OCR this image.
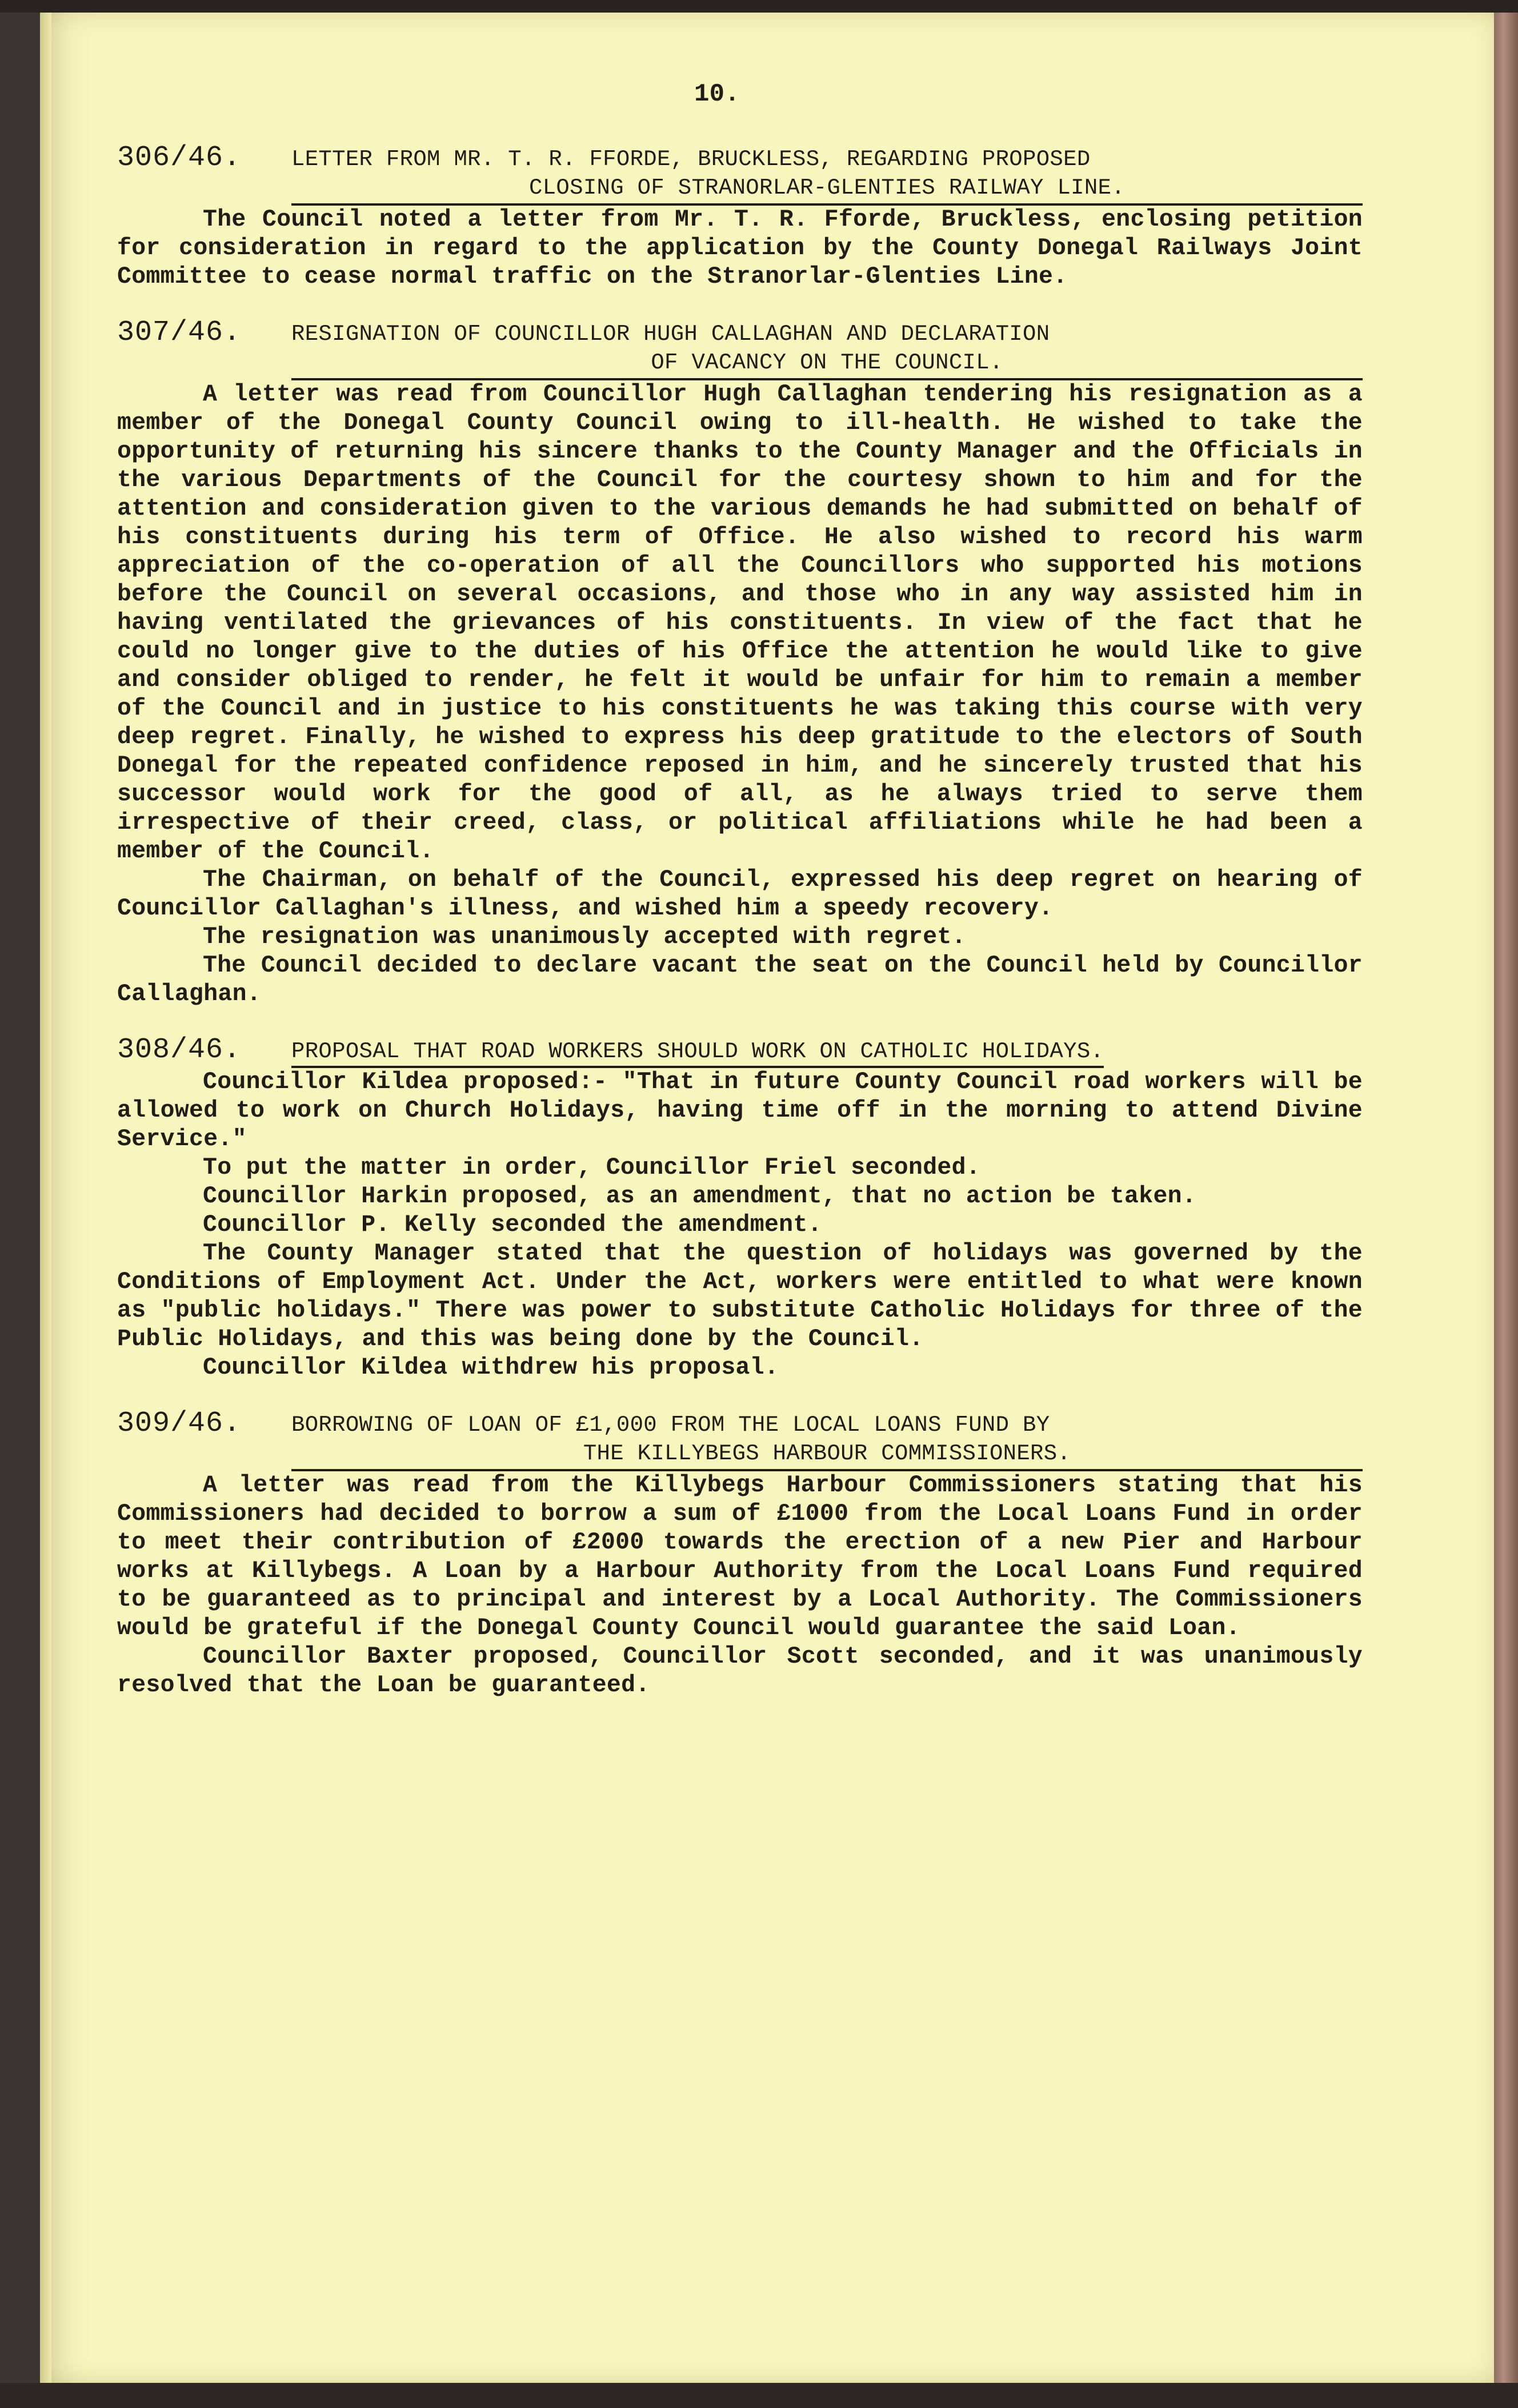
10.
306/46.	LETTER FROM MR. T. R. FFORDE, BRUCKLESS, REGARDING PROPOSED
CLOSING OF STRANORLAR-GLENTIES RAILWAY LINE.

The Council noted a letter from Mr. T. R. Fforde, Bruckless, enclosing petition for consideration in regard to the application by the County Donegal Railways Joint Committee to cease normal traffic on the Stranorlar-Glenties Line.

307/46.	RESIGNATION OF COUNCILLOR HUGH CALLAGHAN AND DECLARATION
OF VACANCY ON THE COUNCIL.

A letter was read from Councillor Hugh Callaghan tendering his resignation as a member of the Donegal County Council owing to ill-health. He wished to take the opportunity of returning his sincere thanks to the County Manager and the Officials in the various Departments of the Council for the courtesy shown to him and for the attention and consideration given to the various demands he had submitted on behalf of his constituents during his term of Office. He also wished to record his warm appreciation of the co-operation of all the Councillors who supported his motions before the Council on several occasions, and those who in any way assisted him in having ventilated the grievances of his constituents. In view of the fact that he could no longer give to the duties of his Office the attention he would like to give and consider obliged to render, he felt it would be unfair for him to remain a member of the Council and in justice to his constituents he was taking this course with very deep regret. Finally, he wished to express his deep gratitude to the electors of South Donegal for the repeated confidence reposed in him, and he sincerely trusted that his successor would work for the good of all, as he always tried to serve them irrespective of their creed, class, or political affiliations while he had been a member of the Council.

The Chairman, on behalf of the Council, expressed his deep regret on hearing of Councillor Callaghan's illness, and wished him a speedy recovery.

The resignation was unanimously accepted with regret.

The Council decided to declare vacant the seat on the Council held by Councillor Callaghan.

308/46.	PROPOSAL THAT ROAD WORKERS SHOULD WORK ON CATHOLIC HOLIDAYS.

Councillor Kildea proposed:- "That in future County Council road workers will be allowed to work on Church Holidays, having time off in the morning to attend Divine Service."

To put the matter in order, Councillor Friel seconded.

Councillor Harkin proposed, as an amendment, that no action be taken.

Councillor P. Kelly seconded the amendment.

The County Manager stated that the question of holidays was governed by the Conditions of Employment Act. Under the Act, workers were entitled to what were known as "public holidays." There was power to substitute Catholic Holidays for three of the Public Holidays, and this was being done by the Council.

Councillor Kildea withdrew his proposal.

309/46.	BORROWING OF LOAN OF £1,000 FROM THE LOCAL LOANS FUND BY
THE KILLYBEGS HARBOUR COMMISSIONERS.

A letter was read from the Killybegs Harbour Commissioners stating that his Commissioners had decided to borrow a sum of £1000 from the Local Loans Fund in order to meet their contribution of £2000 towards the erection of a new Pier and Harbour works at Killybegs. A Loan by a Harbour Authority from the Local Loans Fund required to be guaranteed as to principal and interest by a Local Authority. The Commissioners would be grateful if the Donegal County Council would guarantee the said Loan.

Councillor Baxter proposed, Councillor Scott seconded, and it was unanimously resolved that the Loan be guaranteed.
